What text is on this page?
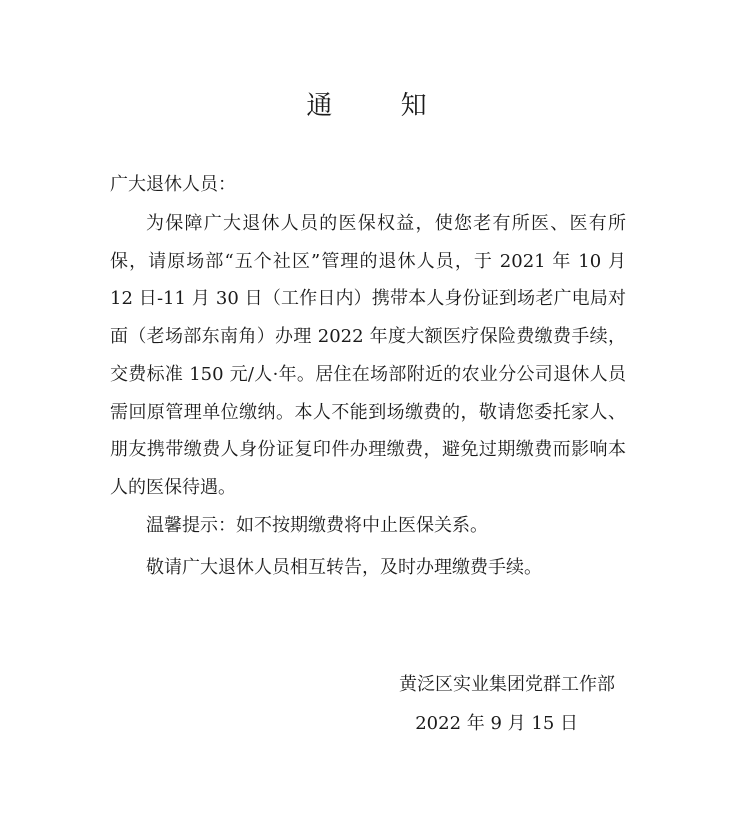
通 知
广大退休人员：

为保障广大退休人员的医保权益，使您老有所医、医有所保，请原场部“五个社区”管理的退休人员，于 2021 年 10 月 12 日-11 月 30 日（工作日内）携带本人身份证到场老广电局对面（老场部东南角）办理 2022 年度大额医疗保险费缴费手续，交费标准 150 元/人·年。居住在场部附近的农业分公司退休人员需回原管理单位缴纳。本人不能到场缴费的，敬请您委托家人、朋友携带缴费人身份证复印件办理缴费，避免过期缴费而影响本人的医保待遇。

温馨提示：如不按期缴费将中止医保关系。
敬请广大退休人员相互转告，及时办理缴费手续。
黄泛区实业集团党群工作部
2022 年 9 月 15 日
